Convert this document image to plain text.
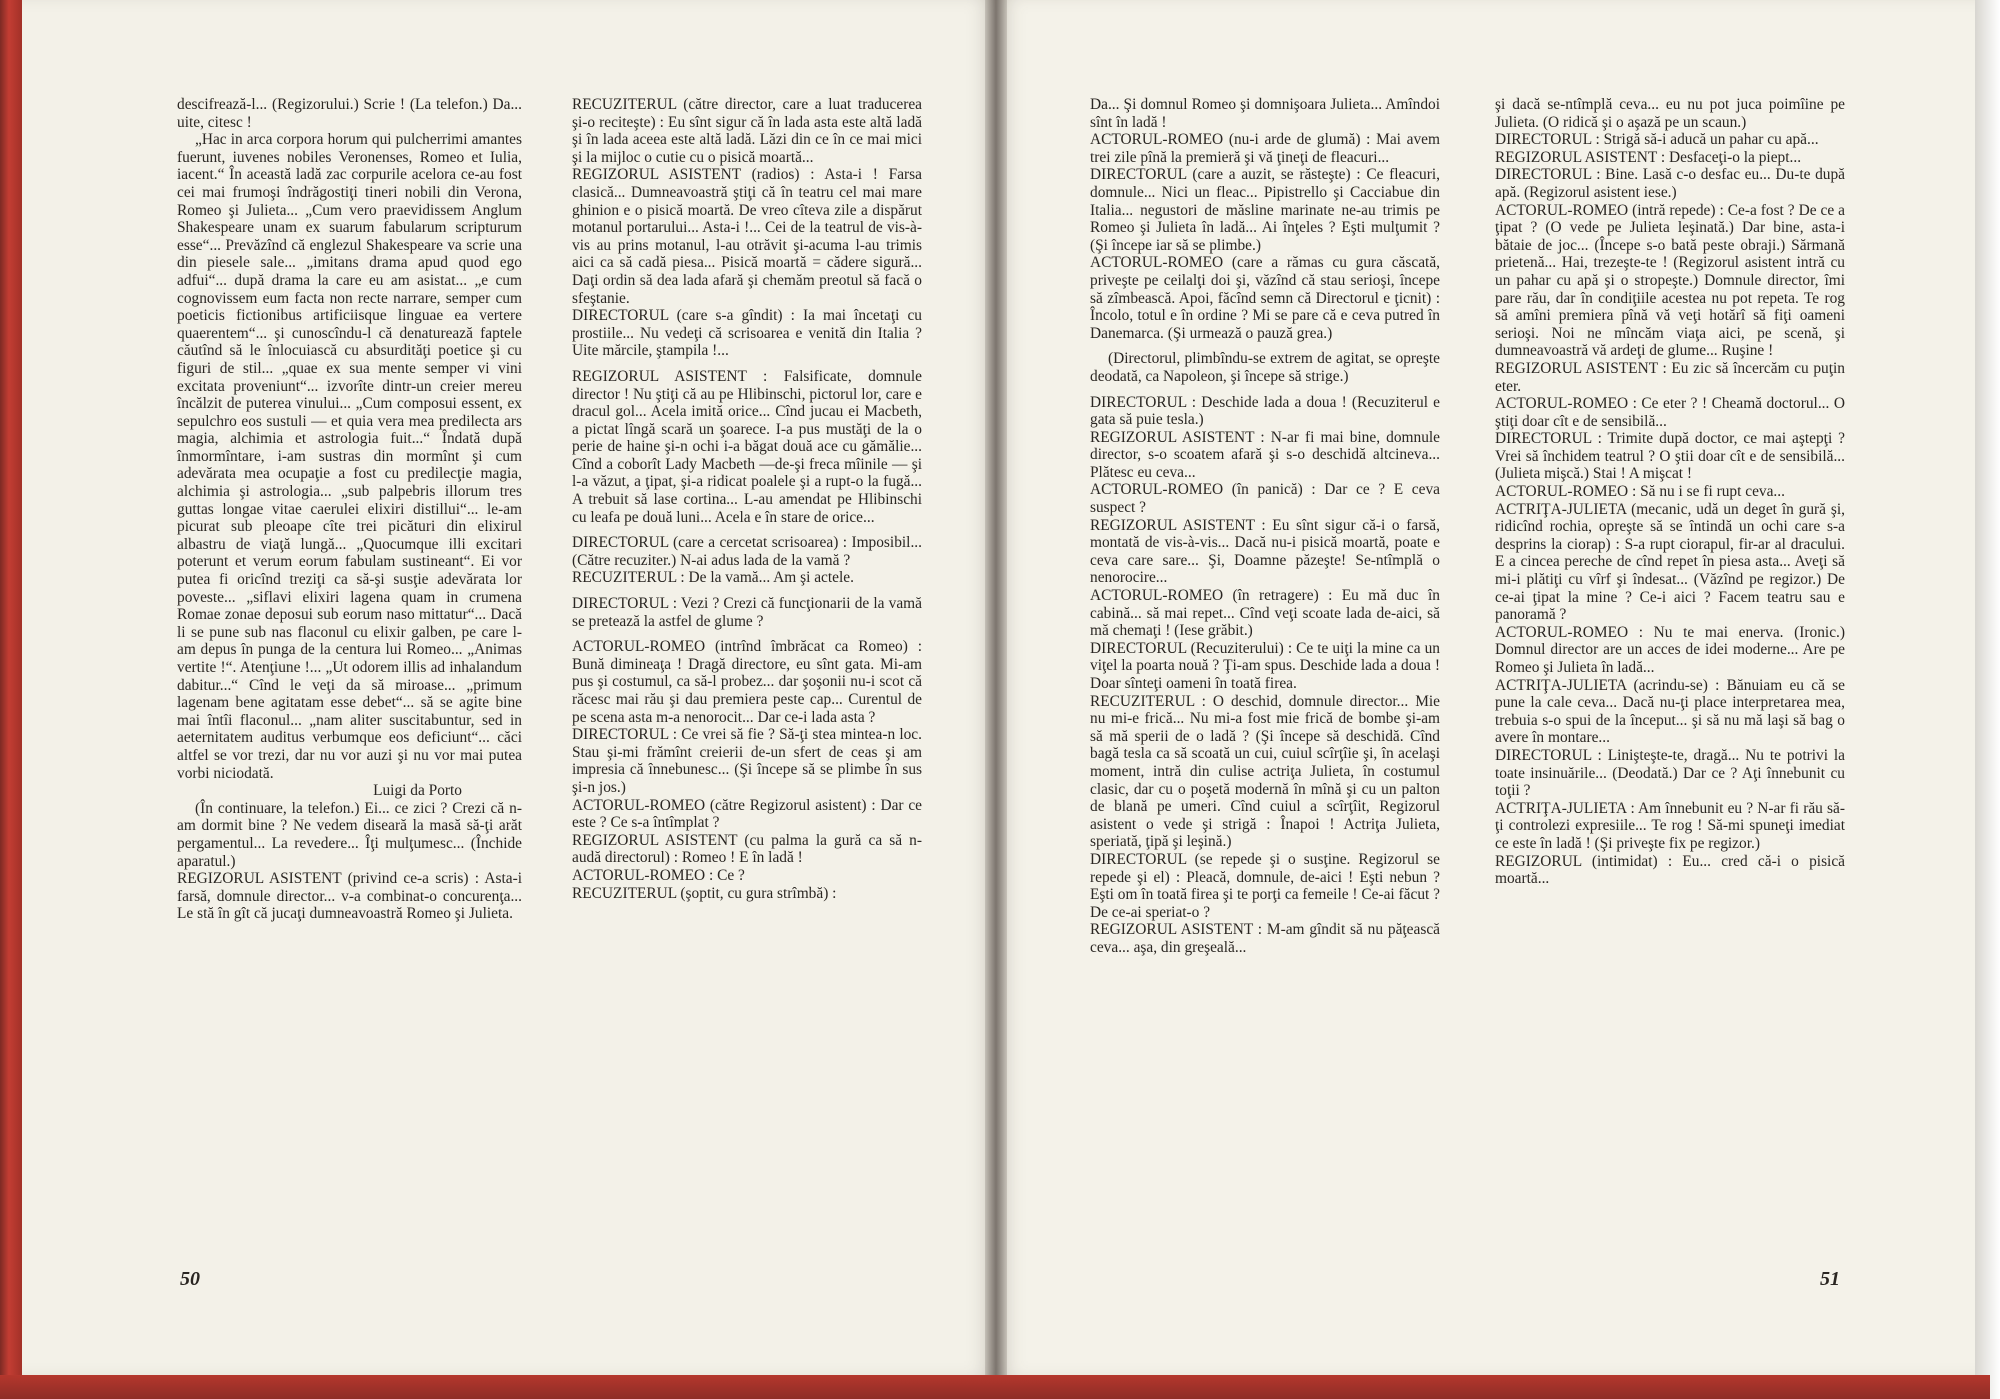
descifrează-l... (Regizorului.) Scrie ! (La telefon.) Da... uite, citesc !

„Hac in arca corpora horum qui pulcherrimi amantes fuerunt, iuvenes nobiles Veronenses, Romeo et Iulia, iacent.“ În această ladă zac corpurile acelora ce-au fost cei mai frumoşi îndrăgostiţi tineri nobili din Verona, Romeo şi Julieta... „Cum vero praevidissem Anglum Shakespeare unam ex suarum fabularum scripturum esse“... Prevăzînd că englezul Shakespeare va scrie una din piesele sale... „imitans drama apud quod ego adfui“... după drama la care eu am asistat... „e cum cognovissem eum facta non recte narrare, semper cum poeticis fictionibus artificiisque linguae ea vertere quaerentem“... şi cunoscîndu-l că denaturează faptele căutînd să le înlocuiască cu absurdităţi poetice şi cu figuri de stil... „quae ex sua mente semper vi vini excitata proveniunt“... izvorîte dintr-un creier mereu încălzit de puterea vinului... „Cum composui essent, ex sepulchro eos sustuli — et quia vera mea predilecta ars magia, alchimia et astrologia fuit...“ Îndată după înmormîntare, i-am sustras din mormînt şi cum adevărata mea ocupaţie a fost cu predilecţie magia, alchimia şi astrologia... „sub palpebris illorum tres guttas longae vitae caerulei elixiri distillui“... le-am picurat sub pleoape cîte trei picături din elixirul albastru de viaţă lungă... „Quocumque illi excitari poterunt et verum eorum fabulam sustineant“. Ei vor putea fi oricînd treziţi ca să-şi susţie adevărata lor poveste... „siflavi elixiri lagena quam in crumena Romae zonae deposui sub eorum naso mittatur“... Dacă li se pune sub nas flaconul cu elixir galben, pe care l-am depus în punga de la centura lui Romeo... „Animas vertite !“. Atenţiune !... „Ut odorem illis ad inhalandum dabitur...“ Cînd le veţi da să miroase... „primum lagenam bene agitatam esse debet“... să se agite bine mai întîi flaconul... „nam aliter suscitabuntur, sed in aeternitatem auditus verbumque eos deficiunt“... căci altfel se vor trezi, dar nu vor auzi şi nu vor mai putea vorbi niciodată.

Luigi da Porto

(În continuare, la telefon.) Ei... ce zici ? Crezi că n-am dormit bine ? Ne vedem diseară la masă să-ţi arăt pergamentul... La revedere... Îţi mulţumesc... (Închide aparatul.)

REGIZORUL ASISTENT (privind ce-a scris) : Asta-i farsă, domnule director... v-a combinat-o concurenţa... Le stă în gît că jucaţi dumneavoastră Romeo şi Julieta.

RECUZITERUL (către director, care a luat traducerea şi-o reciteşte) : Eu sînt sigur că în lada asta este altă ladă şi în lada aceea este altă ladă. Lăzi din ce în ce mai mici şi la mijloc o cutie cu o pisică moartă...

REGIZORUL ASISTENT (radios) : Asta-i ! Farsa clasică... Dumneavoastră ştiţi că în teatru cel mai mare ghinion e o pisică moartă. De vreo cîteva zile a dispărut motanul portarului... Asta-i !... Cei de la teatrul de vis-à-vis au prins motanul, l-au otrăvit şi-acuma l-au trimis aici ca să cadă piesa... Pisică moartă = cădere sigură... Daţi ordin să dea lada afară şi chemăm preotul să facă o sfeştanie.

DIRECTORUL (care s-a gîndit) : Ia mai încetaţi cu prostiile... Nu vedeţi că scrisoarea e venită din Italia ? Uite mărcile, ştampila !...

REGIZORUL ASISTENT : Falsificate, domnule director ! Nu ştiţi că au pe Hlibinschi, pictorul lor, care e dracul gol... Acela imită orice... Cînd jucau ei Macbeth, a pictat lîngă scară un şoarece. I-a pus mustăţi de la o perie de haine şi-n ochi i-a băgat două ace cu gămălie... Cînd a coborît Lady Macbeth —de-şi freca mîinile — şi l-a văzut, a ţipat, şi-a ridicat poalele şi a rupt-o la fugă... A trebuit să lase cortina... L-au amendat pe Hlibinschi cu leafa pe două luni... Acela e în stare de orice...

DIRECTORUL (care a cercetat scrisoarea) : Imposibil... (Către recuziter.) N-ai adus lada de la vamă ?

RECUZITERUL : De la vamă... Am şi actele.

DIRECTORUL : Vezi ? Crezi că funcţionarii de la vamă se pretează la astfel de glume ?

ACTORUL-ROMEO (intrînd îmbrăcat ca Romeo) : Bună dimineaţa ! Dragă directore, eu sînt gata. Mi-am pus şi costumul, ca să-l probez... dar şoşonii nu-i scot că răcesc mai rău şi dau premiera peste cap... Curentul de pe scena asta m-a nenorocit... Dar ce-i lada asta ?

DIRECTORUL : Ce vrei să fie ? Să-ţi stea mintea-n loc. Stau şi-mi frămînt creierii de-un sfert de ceas şi am impresia că înnebunesc... (Şi începe să se plimbe în sus şi-n jos.)

ACTORUL-ROMEO (către Regizorul asistent) : Dar ce este ? Ce s-a întîmplat ?

REGIZORUL ASISTENT (cu palma la gură ca să n-audă directorul) : Romeo ! E în ladă !

ACTORUL-ROMEO : Ce ?

RECUZITERUL (şoptit, cu gura strîmbă) :

50

Da... Şi domnul Romeo şi domnişoara Julieta... Amîndoi sînt în ladă !

ACTORUL-ROMEO (nu-i arde de glumă) : Mai avem trei zile pînă la premieră şi vă ţineţi de fleacuri...

DIRECTORUL (care a auzit, se răsteşte) : Ce fleacuri, domnule... Nici un fleac... Pipistrello şi Cacciabue din Italia... negustori de măsline marinate ne-au trimis pe Romeo şi Julieta în ladă... Ai înţeles ? Eşti mulţumit ? (Şi începe iar să se plimbe.)

ACTORUL-ROMEO (care a rămas cu gura căscată, priveşte pe ceilalţi doi şi, văzînd că stau serioşi, începe să zîmbească. Apoi, făcînd semn că Directorul e ţicnit) : Încolo, totul e în ordine ? Mi se pare că e ceva putred în Danemarca. (Şi urmează o pauză grea.)

(Directorul, plimbîndu-se extrem de agitat, se opreşte deodată, ca Napoleon, şi începe să strige.)

DIRECTORUL : Deschide lada a doua ! (Recuziterul e gata să puie tesla.)

REGIZORUL ASISTENT : N-ar fi mai bine, domnule director, s-o scoatem afară şi s-o deschidă altcineva... Plătesc eu ceva...

ACTORUL-ROMEO (în panică) : Dar ce ? E ceva suspect ?

REGIZORUL ASISTENT : Eu sînt sigur că-i o farsă, montată de vis-à-vis... Dacă nu-i pisică moartă, poate e ceva care sare... Şi, Doamne păzeşte! Se-ntîmplă o nenorocire...

ACTORUL-ROMEO (în retragere) : Eu mă duc în cabină... să mai repet... Cînd veţi scoate lada de-aici, să mă chemaţi ! (Iese grăbit.)

DIRECTORUL (Recuziterului) : Ce te uiţi la mine ca un viţel la poarta nouă ? Ţi-am spus. Deschide lada a doua ! Doar sînteţi oameni în toată firea.

RECUZITERUL : O deschid, domnule director... Mie nu mi-e frică... Nu mi-a fost mie frică de bombe şi-am să mă sperii de o ladă ? (Şi începe să deschidă. Cînd bagă tesla ca să scoată un cui, cuiul scîrţîie şi, în acelaşi moment, intră din culise actriţa Julieta, în costumul clasic, dar cu o poşetă modernă în mînă şi cu un palton de blană pe umeri. Cînd cuiul a scîrţîit, Regizorul asistent o vede şi strigă : Înapoi ! Actriţa Julieta, speriată, ţipă şi leşină.)

DIRECTORUL (se repede şi o susţine. Regizorul se repede şi el) : Pleacă, domnule, de-aici ! Eşti nebun ? Eşti om în toată firea şi te porţi ca femeile ! Ce-ai făcut ? De ce-ai speriat-o ?

REGIZORUL ASISTENT : M-am gîndit să nu păţească ceva... aşa, din greşeală...

şi dacă se-ntîmplă ceva... eu nu pot juca poimîine pe Julieta. (O ridică şi o aşază pe un scaun.)

DIRECTORUL : Strigă să-i aducă un pahar cu apă...

REGIZORUL ASISTENT : Desfaceţi-o la piept...

DIRECTORUL : Bine. Lasă c-o desfac eu... Du-te după apă. (Regizorul asistent iese.)

ACTORUL-ROMEO (intră repede) : Ce-a fost ? De ce a ţipat ? (O vede pe Julieta leşinată.) Dar bine, asta-i bătaie de joc... (Începe s-o bată peste obraji.) Sărmană prietenă... Hai, trezeşte-te ! (Regizorul asistent intră cu un pahar cu apă şi o stropeşte.) Domnule director, îmi pare rău, dar în condiţiile acestea nu pot repeta. Te rog să amîni premiera pînă vă veţi hotărî să fiţi oameni serioşi. Noi ne mîncăm viaţa aici, pe scenă, şi dumneavoastră vă ardeţi de glume... Ruşine !

REGIZORUL ASISTENT : Eu zic să încercăm cu puţin eter.

ACTORUL-ROMEO : Ce eter ? ! Cheamă doctorul... O ştiţi doar cît e de sensibilă...

DIRECTORUL : Trimite după doctor, ce mai aştepţi ? Vrei să închidem teatrul ? O ştii doar cît e de sensibilă... (Julieta mişcă.) Stai ! A mişcat !

ACTORUL-ROMEO : Să nu i se fi rupt ceva...

ACTRIŢA-JULIETA (mecanic, udă un deget în gură şi, ridicînd rochia, opreşte să se întindă un ochi care s-a desprins la ciorap) : S-a rupt ciorapul, fir-ar al dracului. E a cincea pereche de cînd repet în piesa asta... Aveţi să mi-i plătiţi cu vîrf şi îndesat... (Văzînd pe regizor.) De ce-ai ţipat la mine ? Ce-i aici ? Facem teatru sau e panoramă ?

ACTORUL-ROMEO : Nu te mai enerva. (Ironic.) Domnul director are un acces de idei moderne... Are pe Romeo şi Julieta în ladă...

ACTRIŢA-JULIETA (acrindu-se) : Bănuiam eu că se pune la cale ceva... Dacă nu-ţi place interpretarea mea, trebuia s-o spui de la început... şi să nu mă laşi să bag o avere în montare...

DIRECTORUL : Linişteşte-te, dragă... Nu te potrivi la toate insinuările... (Deodată.) Dar ce ? Aţi înnebunit cu toţii ?

ACTRIŢA-JULIETA : Am înnebunit eu ? N-ar fi rău să-ţi controlezi expresiile... Te rog ! Să-mi spuneţi imediat ce este în ladă ! (Şi priveşte fix pe regizor.)

REGIZORUL (intimidat) : Eu... cred că-i o pisică moartă...

51
